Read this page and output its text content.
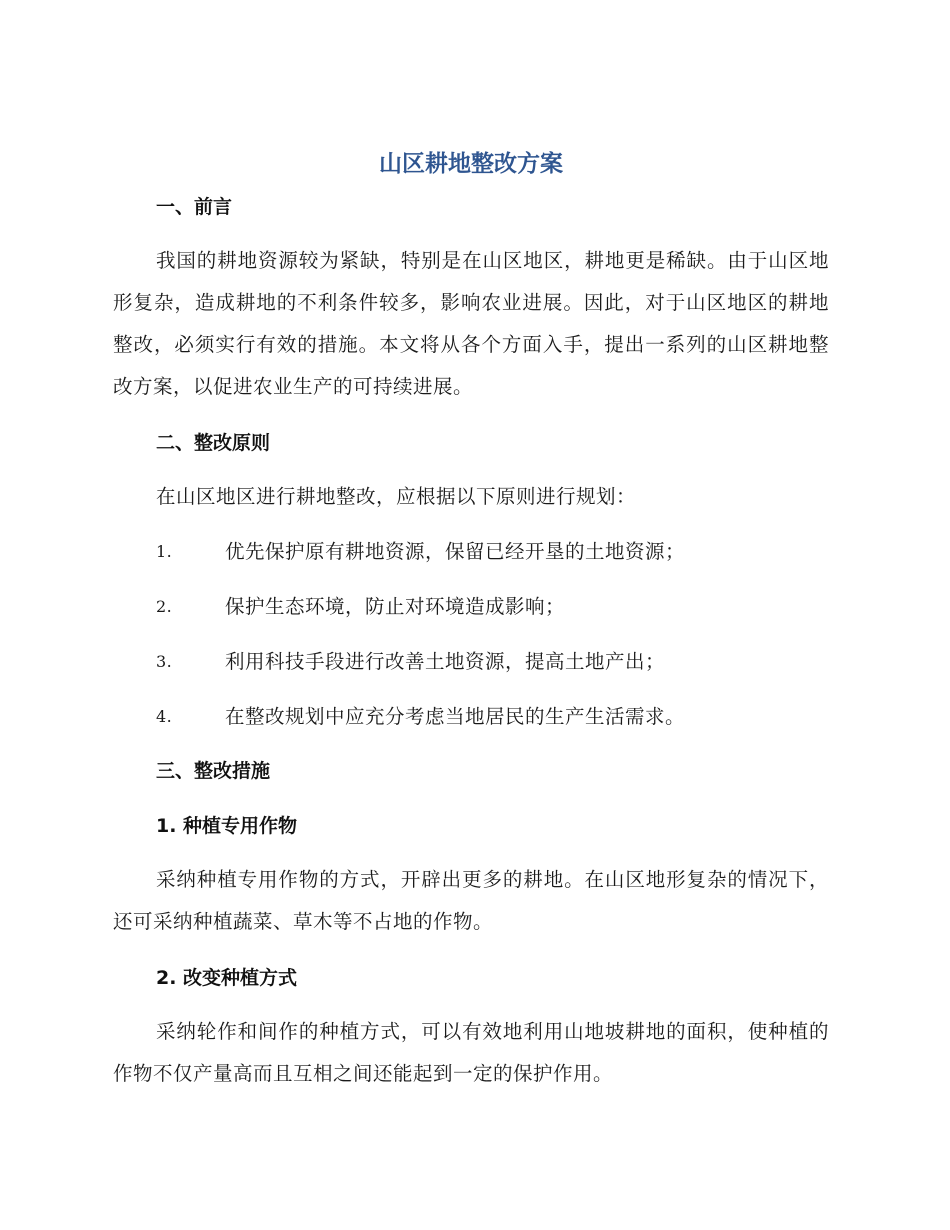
山区耕地整改方案
一、前言

我国的耕地资源较为紧缺，特别是在山区地区，耕地更是稀缺。由于山区地形复杂，造成耕地的不利条件较多，影响农业进展。因此，对于山区地区的耕地整改，必须实行有效的措施。本文将从各个方面入手，提出一系列的山区耕地整改方案，以促进农业生产的可持续进展。

二、整改原则

在山区地区进行耕地整改，应根据以下原则进行规划：

1.	优先保护原有耕地资源，保留已经开垦的土地资源；
2.	保护生态环境，防止对环境造成影响；
3.	利用科技手段进行改善土地资源，提高土地产出；
4.	在整改规划中应充分考虑当地居民的生产生活需求。
三、整改措施
1. 种植专用作物

采纳种植专用作物的方式，开辟出更多的耕地。在山区地形复杂的情况下，还可采纳种植蔬菜、草木等不占地的作物。

2. 改变种植方式

采纳轮作和间作的种植方式，可以有效地利用山地坡耕地的面积，使种植的作物不仅产量高而且互相之间还能起到一定的保护作用。
